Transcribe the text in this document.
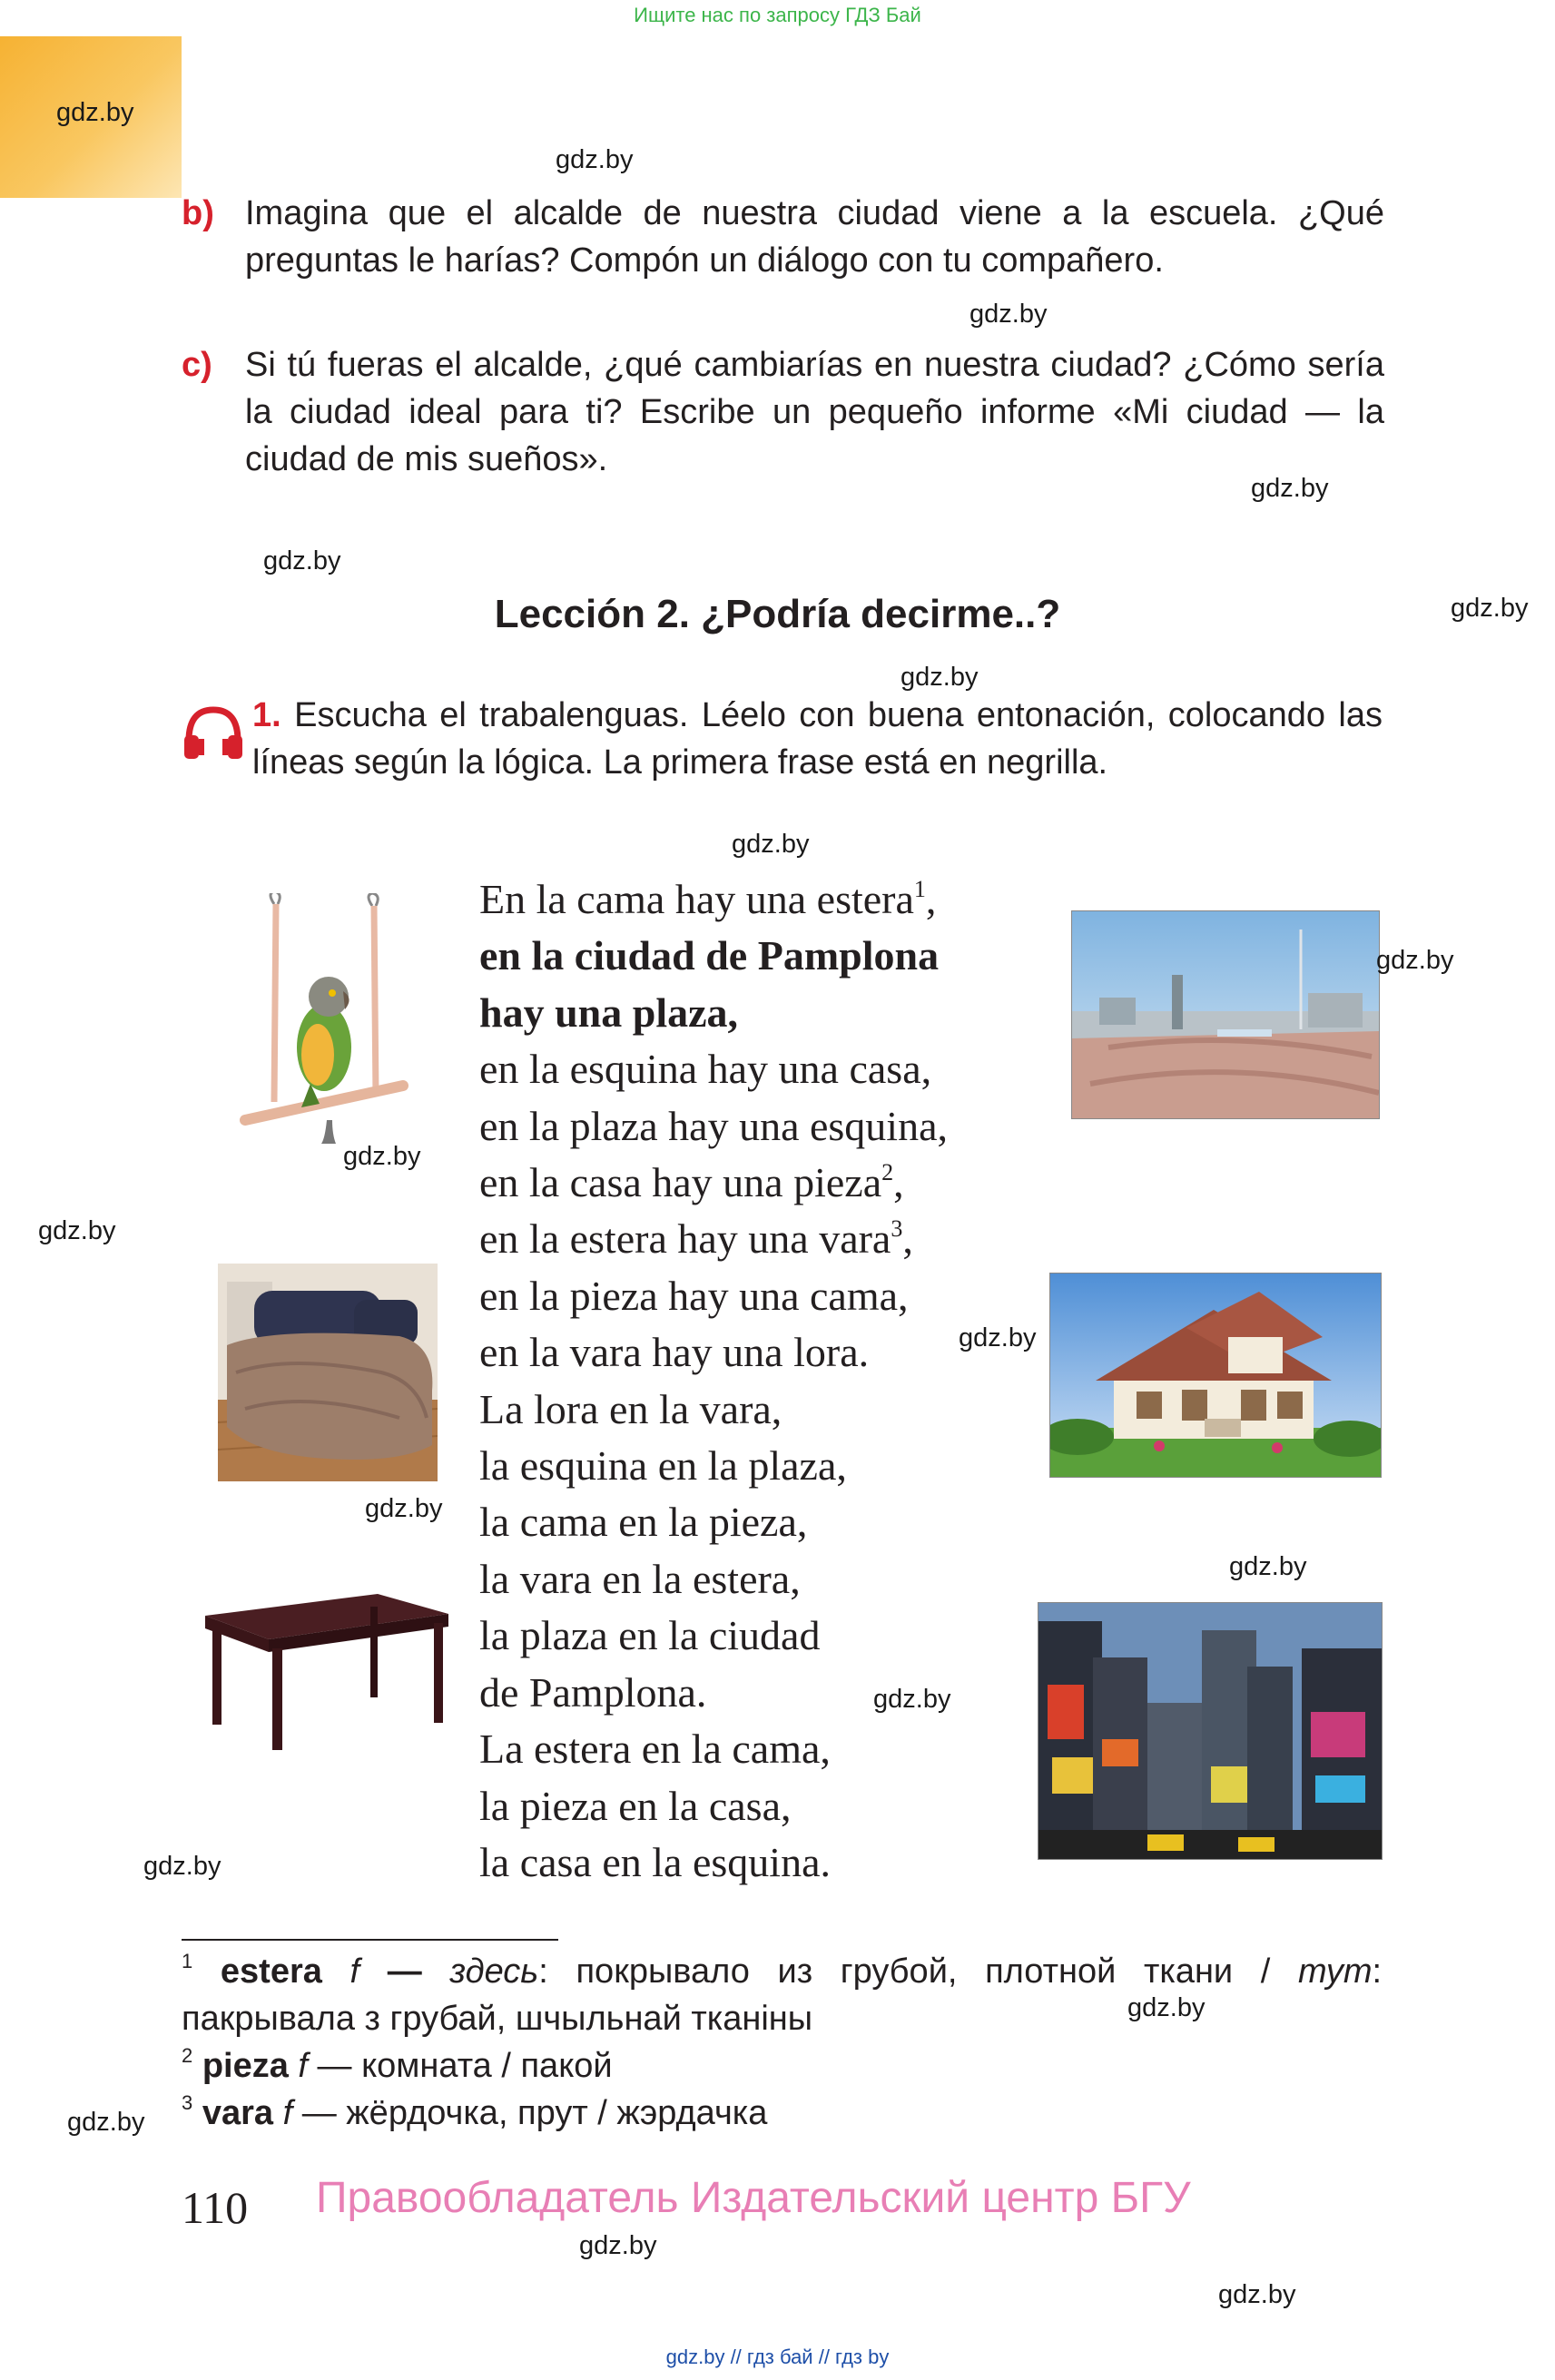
Ищите нас по запросу ГДЗ Бай
gdz.by
b) Imagina que el alcalde de nuestra ciudad viene a la escuela. ¿Qué preguntas le harías? Compón un diálogo con tu compañero.
c) Si tú fueras el alcalde, ¿qué cambiarías en nuestra ciudad? ¿Cómo sería la ciudad ideal para ti? Escribe un pequeño informe «Mi ciudad — la ciudad de mis sueños».
Lección 2. ¿Podría decirme..?
1. Escucha el trabalenguas. Léelo con buena entonación, colocando las líneas según la lógica. La primera frase está en negrilla.
En la cama hay una estera$^1$,
en la ciudad de Pamplona
hay una plaza,
en la esquina hay una casa,
en la plaza hay una esquina,
en la casa hay una pieza$^2$,
en la estera hay una vara$^3$,
en la pieza hay una cama,
en la vara hay una lora.
La lora en la vara,
la esquina en la plaza,
la cama en la pieza,
la vara en la estera,
la plaza en la ciudad
de Pamplona.
La estera en la cama,
la pieza en la casa,
la casa en la esquina.
$^1$ estera f — здесь: покрывало из грубой, плотной ткани / тут:
пакрывала з грубай, шчыльнай тканіны
$^2$ pieza f — комната / пакой
$^3$ vara f — жёрдочка, прут / жэрдачка
110 Правообладатель Издательский центр БГУ
gdz.by // гдз бай // гдз by
gdz.by
gdz.by
gdz.by
gdz.by
gdz.by
gdz.by
gdz.by
gdz.by
gdz.by
gdz.by
gdz.by
gdz.by
gdz.by
gdz.by
gdz.by
gdz.by
gdz.by
gdz.by
gdz.by
